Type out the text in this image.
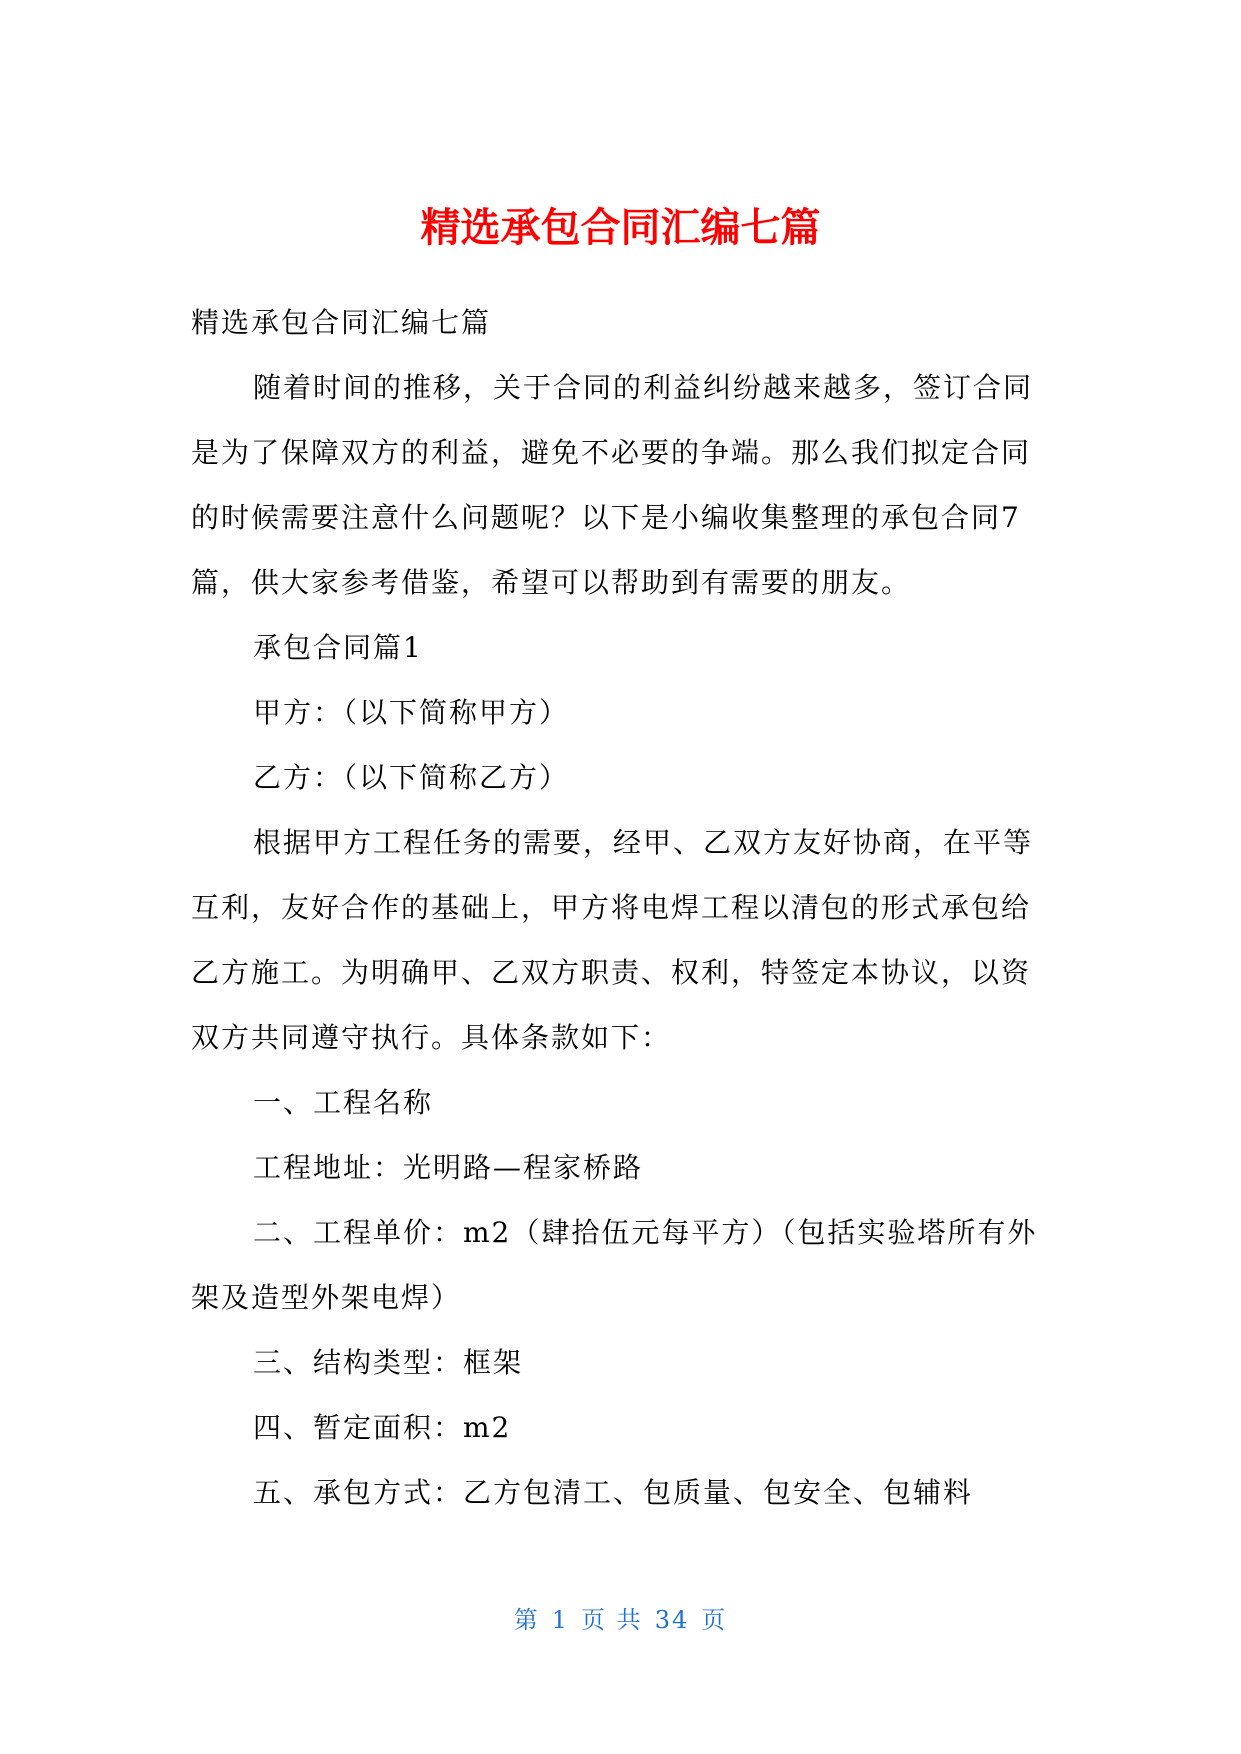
精选承包合同汇编七篇

精选承包合同汇编七篇

随着时间的推移，关于合同的利益纠纷越来越多，签订合同是为了保障双方的利益，避免不必要的争端。那么我们拟定合同的时候需要注意什么问题呢？以下是小编收集整理的承包合同7篇，供大家参考借鉴，希望可以帮助到有需要的朋友。

承包合同篇1

甲方：（以下简称甲方）

乙方：（以下简称乙方）

根据甲方工程任务的需要，经甲、乙双方友好协商，在平等互利，友好合作的基础上，甲方将电焊工程以清包的形式承包给乙方施工。为明确甲、乙双方职责、权利，特签定本协议，以资双方共同遵守执行。具体条款如下：

一、工程名称

工程地址：光明路—程家桥路

二、工程单价：m2（肆拾伍元每平方）（包括实验塔所有外架及造型外架电焊）

三、结构类型：框架

四、暂定面积：m2

五、承包方式：乙方包清工、包质量、包安全、包辅料

第 1 页 共 34 页
